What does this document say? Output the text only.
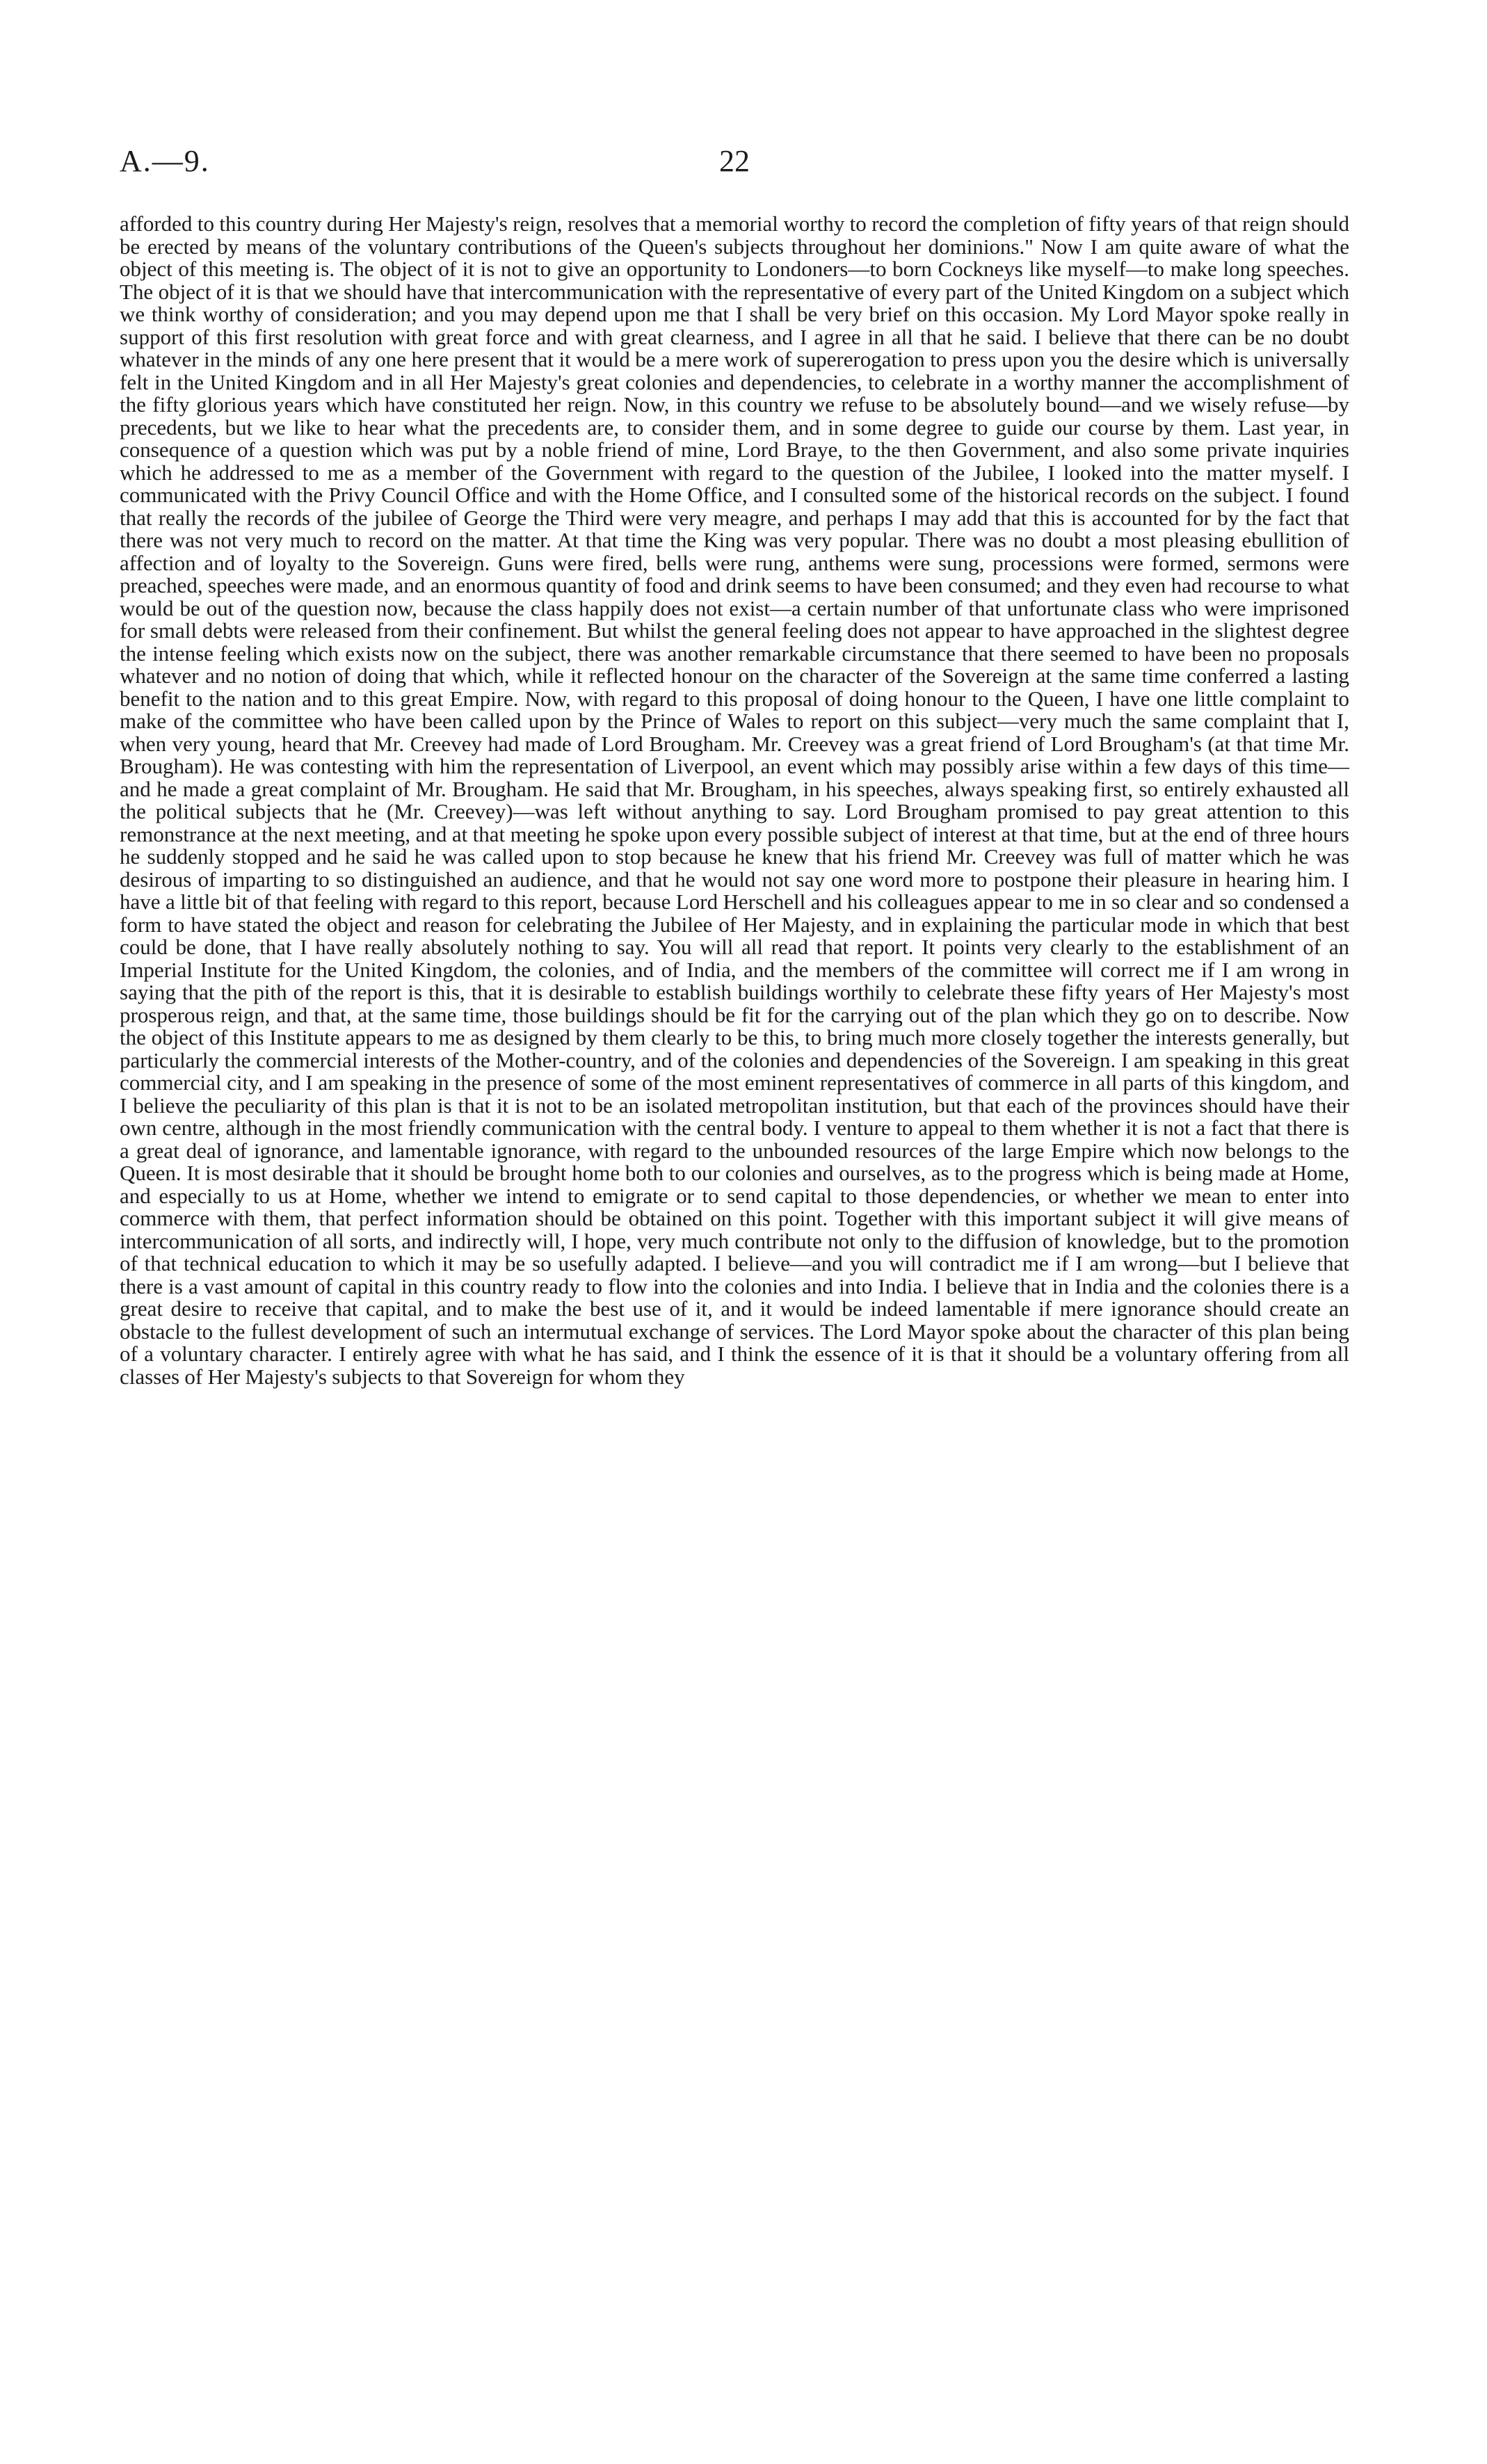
A.—9.	22

afforded to this country during Her Majesty's reign, resolves that a memorial worthy to record the completion of fifty years of that reign should be erected by means of the voluntary contributions of the Queen's subjects throughout her dominions." Now I am quite aware of what the object of this meeting is. The object of it is not to give an opportunity to Londoners—to born Cockneys like myself—to make long speeches. The object of it is that we should have that intercommunication with the representative of every part of the United Kingdom on a subject which we think worthy of consideration; and you may depend upon me that I shall be very brief on this occasion. My Lord Mayor spoke really in support of this first resolution with great force and with great clearness, and I agree in all that he said. I believe that there can be no doubt whatever in the minds of any one here present that it would be a mere work of supererogation to press upon you the desire which is universally felt in the United Kingdom and in all Her Majesty's great colonies and dependencies, to celebrate in a worthy manner the accomplishment of the fifty glorious years which have constituted her reign. Now, in this country we refuse to be absolutely bound—and we wisely refuse—by precedents, but we like to hear what the precedents are, to consider them, and in some degree to guide our course by them. Last year, in consequence of a question which was put by a noble friend of mine, Lord Braye, to the then Government, and also some private inquiries which he addressed to me as a member of the Government with regard to the question of the Jubilee, I looked into the matter myself. I communicated with the Privy Council Office and with the Home Office, and I consulted some of the historical records on the subject. I found that really the records of the jubilee of George the Third were very meagre, and perhaps I may add that this is accounted for by the fact that there was not very much to record on the matter. At that time the King was very popular. There was no doubt a most pleasing ebullition of affection and of loyalty to the Sovereign. Guns were fired, bells were rung, anthems were sung, processions were formed, sermons were preached, speeches were made, and an enormous quantity of food and drink seems to have been consumed; and they even had recourse to what would be out of the question now, because the class happily does not exist—a certain number of that unfortunate class who were imprisoned for small debts were released from their confinement. But whilst the general feeling does not appear to have approached in the slightest degree the intense feeling which exists now on the subject, there was another remarkable circumstance that there seemed to have been no proposals whatever and no notion of doing that which, while it reflected honour on the character of the Sovereign at the same time conferred a lasting benefit to the nation and to this great Empire. Now, with regard to this proposal of doing honour to the Queen, I have one little complaint to make of the committee who have been called upon by the Prince of Wales to report on this subject—very much the same complaint that I, when very young, heard that Mr. Creevey had made of Lord Brougham. Mr. Creevey was a great friend of Lord Brougham's (at that time Mr. Brougham). He was contesting with him the representation of Liverpool, an event which may possibly arise within a few days of this time—and he made a great complaint of Mr. Brougham. He said that Mr. Brougham, in his speeches, always speaking first, so entirely exhausted all the political subjects that he (Mr. Creevey)—was left without anything to say. Lord Brougham promised to pay great attention to this remonstrance at the next meeting, and at that meeting he spoke upon every possible subject of interest at that time, but at the end of three hours he suddenly stopped and he said he was called upon to stop because he knew that his friend Mr. Creevey was full of matter which he was desirous of imparting to so distinguished an audience, and that he would not say one word more to postpone their pleasure in hearing him. I have a little bit of that feeling with regard to this report, because Lord Herschell and his colleagues appear to me in so clear and so condensed a form to have stated the object and reason for celebrating the Jubilee of Her Majesty, and in explaining the particular mode in which that best could be done, that I have really absolutely nothing to say. You will all read that report. It points very clearly to the establishment of an Imperial Institute for the United Kingdom, the colonies, and of India, and the members of the committee will correct me if I am wrong in saying that the pith of the report is this, that it is desirable to establish buildings worthily to celebrate these fifty years of Her Majesty's most prosperous reign, and that, at the same time, those buildings should be fit for the carrying out of the plan which they go on to describe. Now the object of this Institute appears to me as designed by them clearly to be this, to bring much more closely together the interests generally, but particularly the commercial interests of the Mother-country, and of the colonies and dependencies of the Sovereign. I am speaking in this great commercial city, and I am speaking in the presence of some of the most eminent representatives of commerce in all parts of this kingdom, and I believe the peculiarity of this plan is that it is not to be an isolated metropolitan institution, but that each of the provinces should have their own centre, although in the most friendly communication with the central body. I venture to appeal to them whether it is not a fact that there is a great deal of ignorance, and lamentable ignorance, with regard to the unbounded resources of the large Empire which now belongs to the Queen. It is most desirable that it should be brought home both to our colonies and ourselves, as to the progress which is being made at Home, and especially to us at Home, whether we intend to emigrate or to send capital to those dependencies, or whether we mean to enter into commerce with them, that perfect information should be obtained on this point. Together with this important subject it will give means of intercommunication of all sorts, and indirectly will, I hope, very much contribute not only to the diffusion of knowledge, but to the promotion of that technical education to which it may be so usefully adapted. I believe—and you will contradict me if I am wrong—but I believe that there is a vast amount of capital in this country ready to flow into the colonies and into India. I believe that in India and the colonies there is a great desire to receive that capital, and to make the best use of it, and it would be indeed lamentable if mere ignorance should create an obstacle to the fullest development of such an intermutual exchange of services. The Lord Mayor spoke about the character of this plan being of a voluntary character. I entirely agree with what he has said, and I think the essence of it is that it should be a voluntary offering from all classes of Her Majesty's subjects to that Sovereign for whom they
